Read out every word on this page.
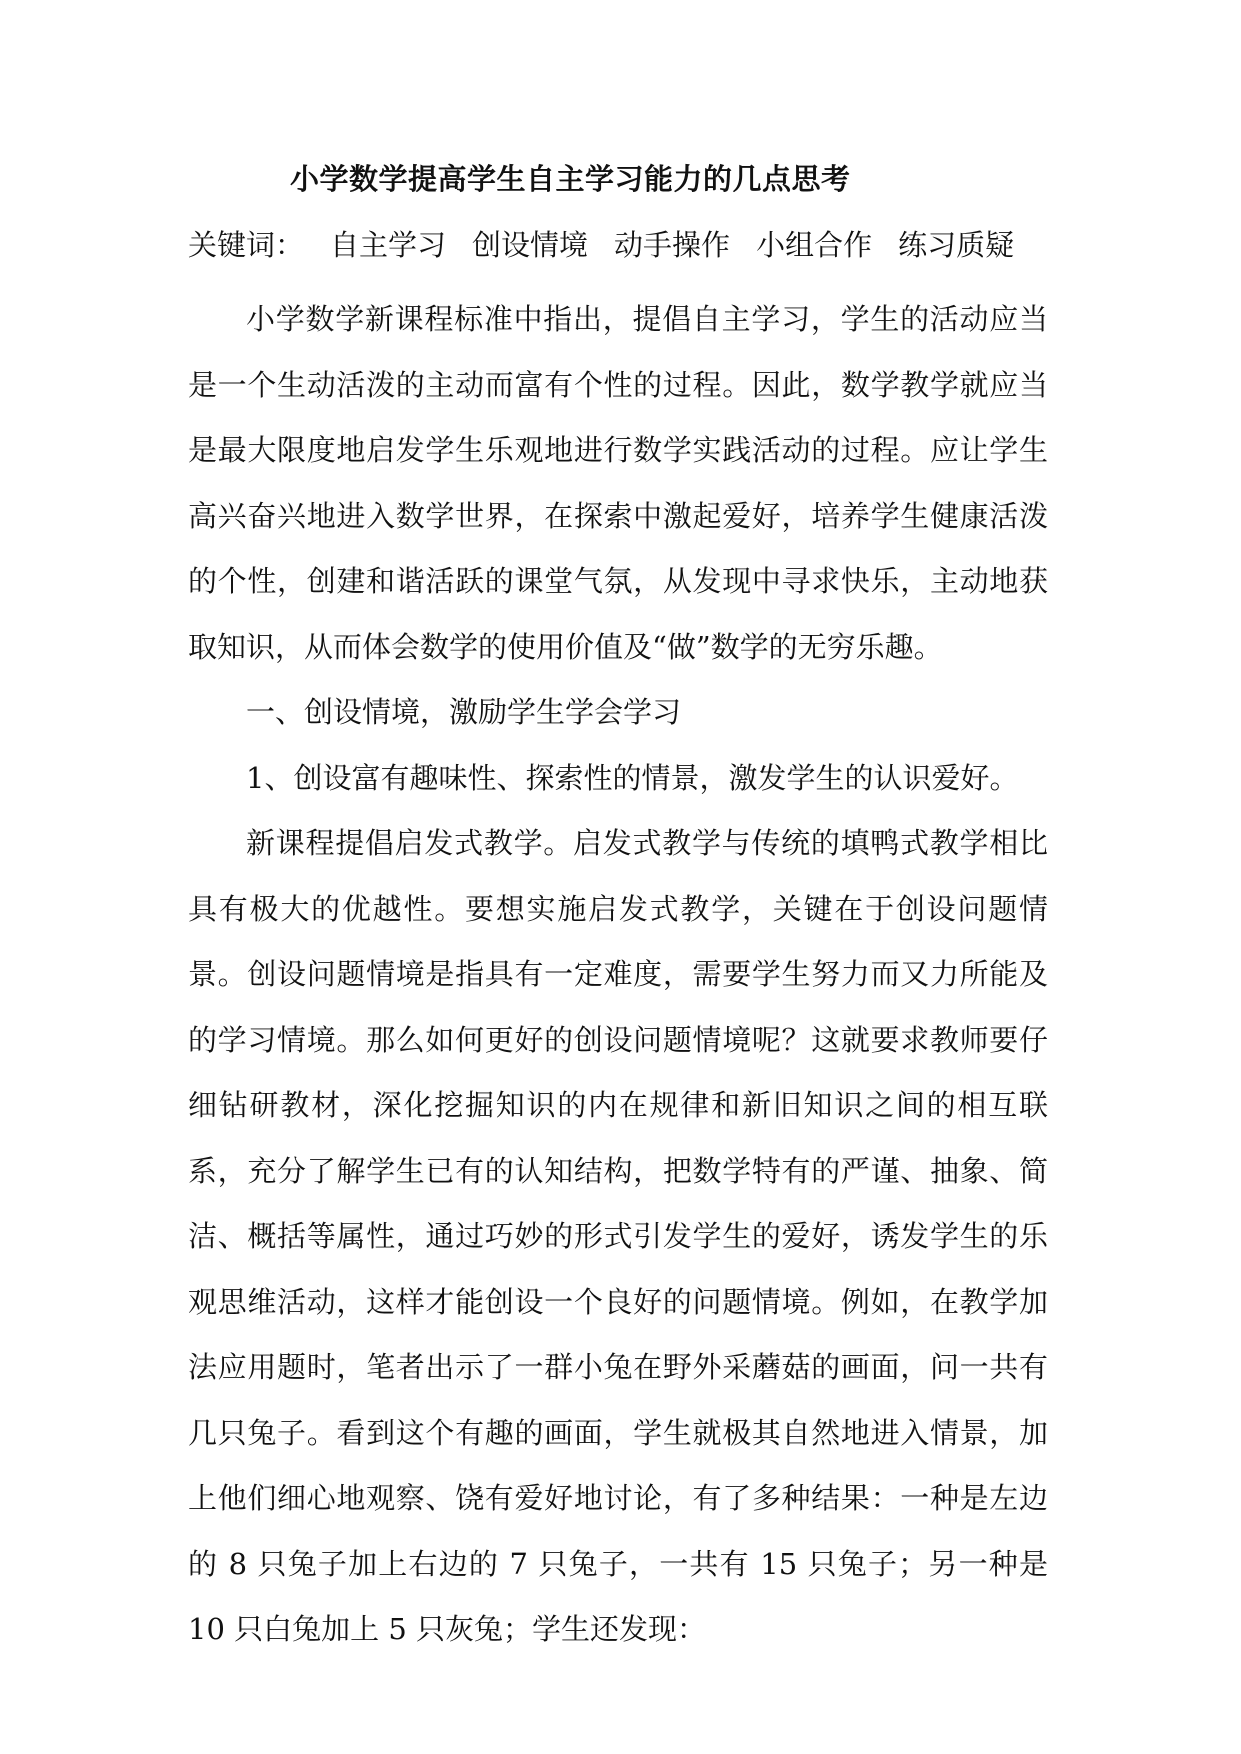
小学数学提高学生自主学习能力的几点思考
关键词： 自主学习 创设情境 动手操作 小组合作 练习质疑

小学数学新课程标准中指出，提倡自主学习，学生的活动应当是一个生动活泼的主动而富有个性的过程。因此，数学教学就应当是最大限度地启发学生乐观地进行数学实践活动的过程。应让学生高兴奋兴地进入数学世界，在探索中激起爱好，培养学生健康活泼的个性，创建和谐活跃的课堂气氛，从发现中寻求快乐，主动地获取知识，从而体会数学的使用价值及“做”数学的无穷乐趣。

一、创设情境，激励学生学会学习

1、创设富有趣味性、探索性的情景，激发学生的认识爱好。

新课程提倡启发式教学。启发式教学与传统的填鸭式教学相比具有极大的优越性。要想实施启发式教学，关键在于创设问题情景。创设问题情境是指具有一定难度，需要学生努力而又力所能及的学习情境。那么如何更好的创设问题情境呢？这就要求教师要仔细钻研教材，深化挖掘知识的内在规律和新旧知识之间的相互联系，充分了解学生已有的认知结构，把数学特有的严谨、抽象、简洁、概括等属性，通过巧妙的形式引发学生的爱好，诱发学生的乐观思维活动，这样才能创设一个良好的问题情境。例如，在教学加法应用题时，笔者出示了一群小兔在野外采蘑菇的画面，问一共有几只兔子。看到这个有趣的画面，学生就极其自然地进入情景，加上他们细心地观察、饶有爱好地讨论，有了多种结果：一种是左边的 8 只兔子加上右边的 7 只兔子，一共有 15 只兔子；另一种是 10 只白兔加上 5 只灰兔；学生还发现：
